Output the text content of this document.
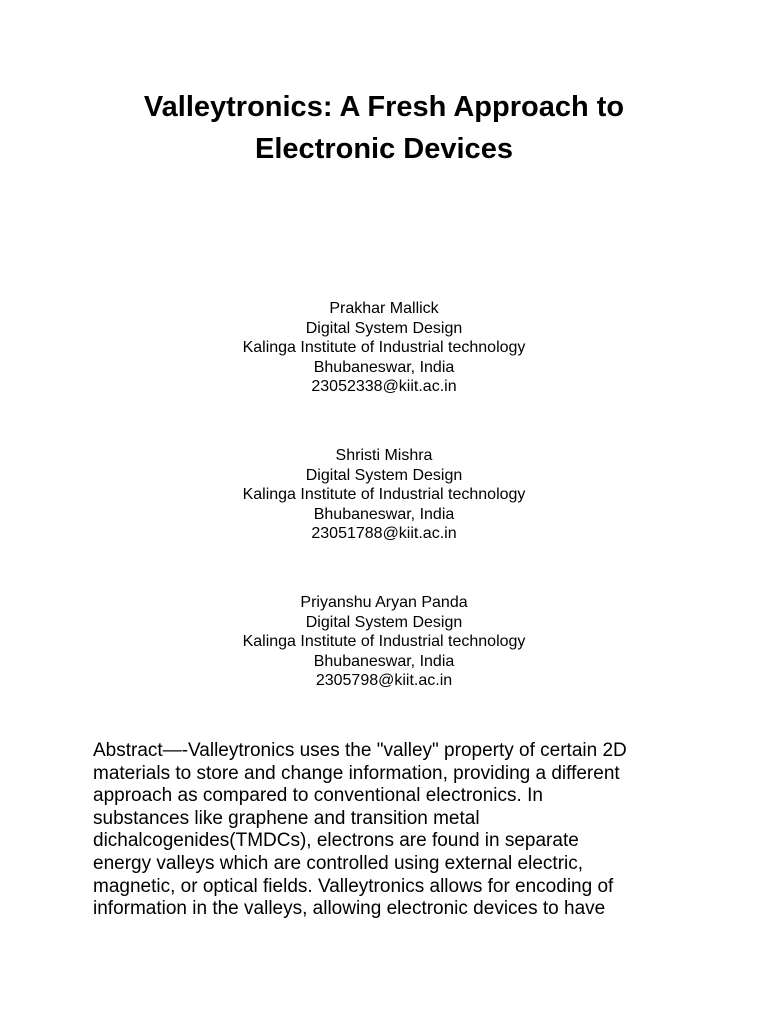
Valleytronics: A Fresh Approach to
Electronic Devices
Prakhar Mallick
Digital System Design
Kalinga Institute of Industrial technology
Bhubaneswar, India
23052338@kiit.ac.in
Shristi Mishra
Digital System Design
Kalinga Institute of Industrial technology
Bhubaneswar, India
23051788@kiit.ac.in
Priyanshu Aryan Panda
Digital System Design
Kalinga Institute of Industrial technology
Bhubaneswar, India
2305798@kiit.ac.in
Abstract—-Valleytronics uses the "valley" property of certain 2D
materials to store and change information, providing a different
approach as compared to conventional electronics. In
substances like graphene and transition metal
dichalcogenides(TMDCs), electrons are found in separate
energy valleys which are controlled using external electric,
magnetic, or optical fields. Valleytronics allows for encoding of
information in the valleys, allowing electronic devices to have
